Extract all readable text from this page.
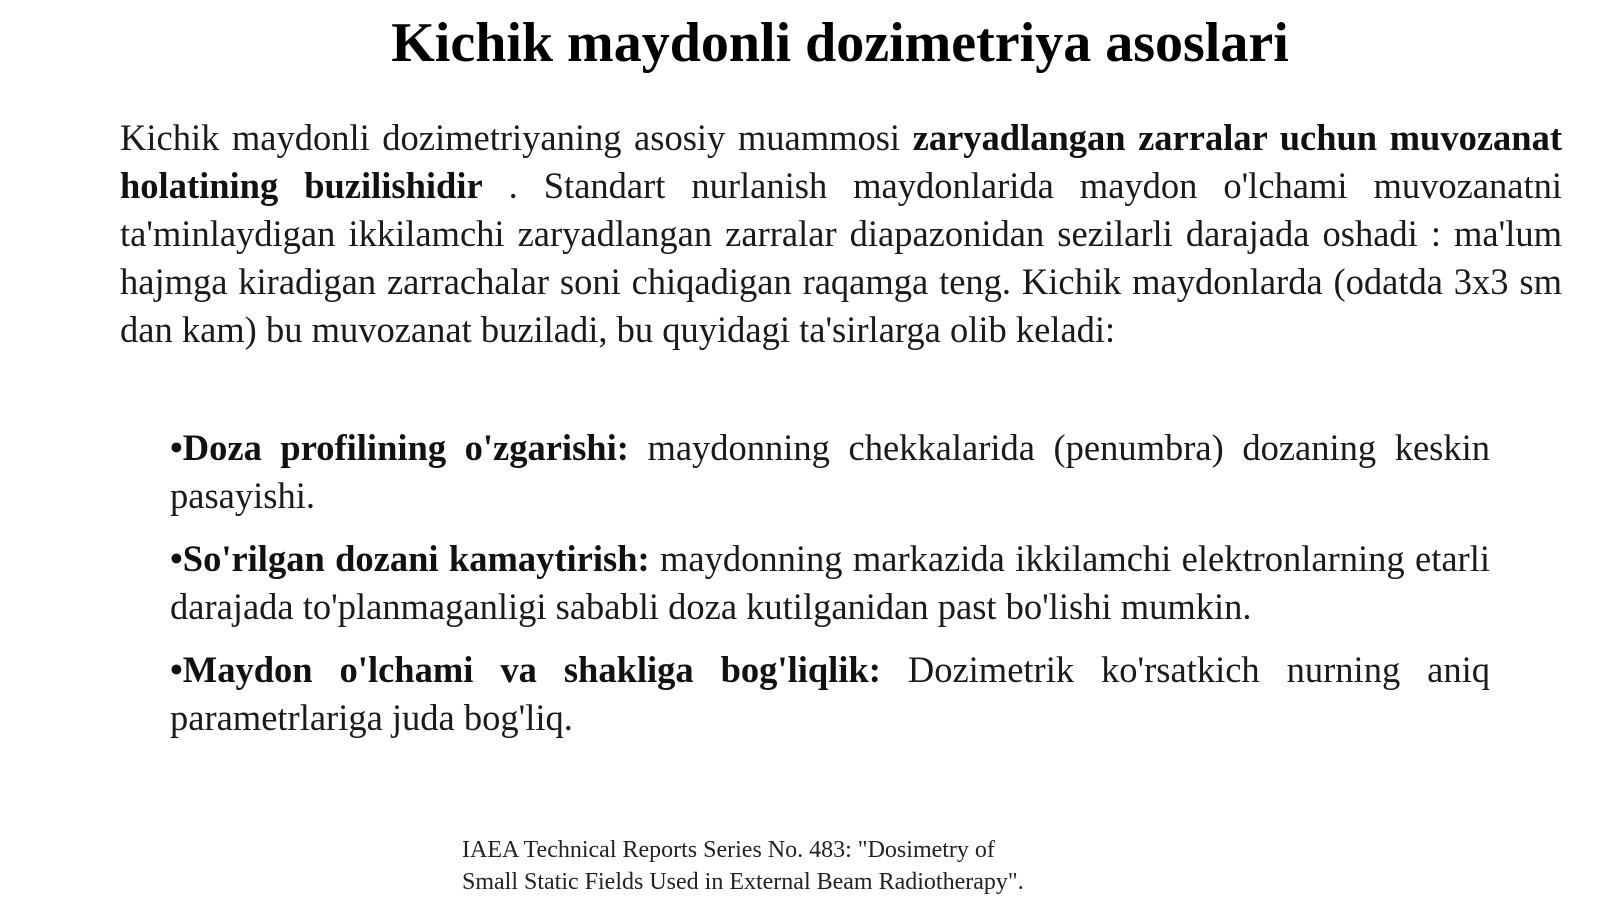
Kichik maydonli dozimetriya asoslari

Kichik maydonli dozimetriyaning asosiy muammosi zaryadlangan zarralar uchun muvozanat holatining buzilishidir . Standart nurlanish maydonlarida maydon o'lchami muvozanatni ta'minlaydigan ikkilamchi zaryadlangan zarralar diapazonidan sezilarli darajada oshadi : ma'lum hajmga kiradigan zarrachalar soni chiqadigan raqamga teng. Kichik maydonlarda (odatda 3x3 sm dan kam) bu muvozanat buziladi, bu quyidagi ta'sirlarga olib keladi:

•Doza profilining o'zgarishi: maydonning chekkalarida (penumbra) dozaning keskin pasayishi.
•So'rilgan dozani kamaytirish: maydonning markazida ikkilamchi elektronlarning etarli darajada to'planmaganligi sababli doza kutilganidan past bo'lishi mumkin.
•Maydon o'lchami va shakliga bog'liqlik: Dozimetrik ko'rsatkich nurning aniq parametrlariga juda bog'liq.

IAEA Technical Reports Series No. 483: "Dosimetry of
Small Static Fields Used in External Beam Radiotherapy".
